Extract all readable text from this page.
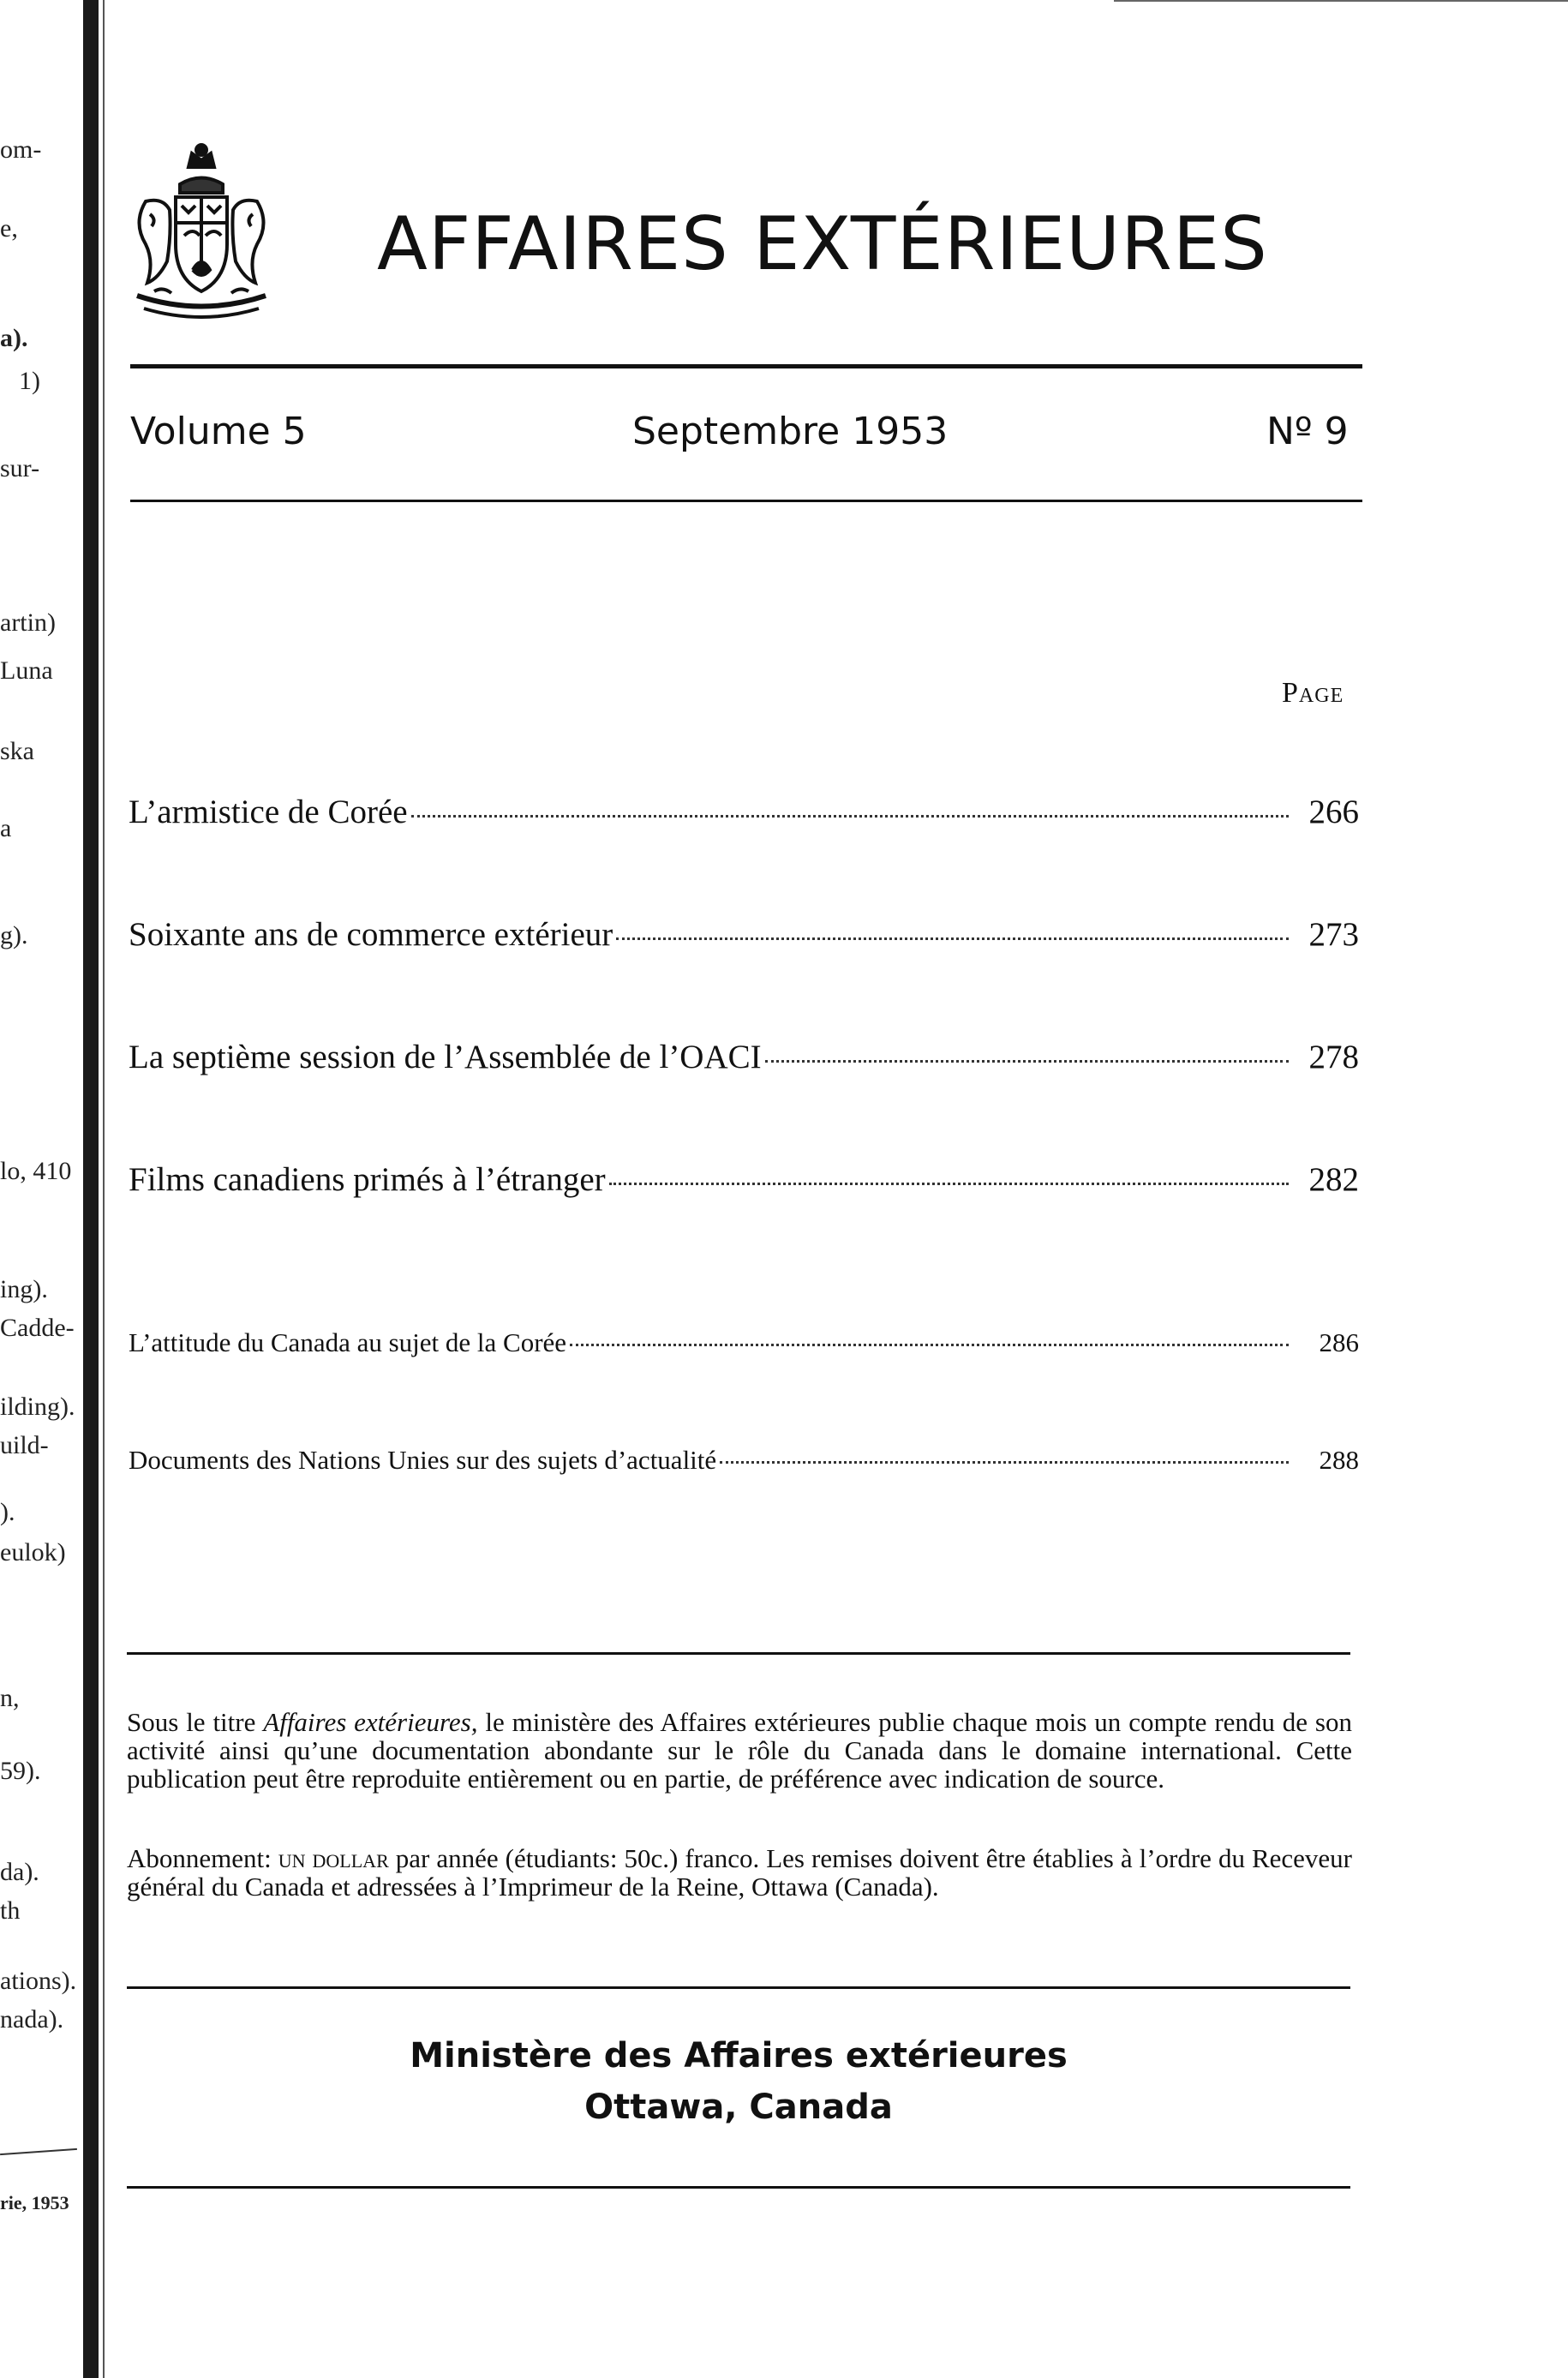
om-
e,
a).
1)
sur-
artin)
Luna
ska
a
g).
lo, 410
ing).
Cadde-
ilding).
uild-
).
eulok)
n,
59).
da).
th
ations).
nada).
rie, 1953
AFFAIRES EXTÉRIEURES
Volume 5	Septembre 1953	Nº 9
Page
L’armistice de Corée	266
Soixante ans de commerce extérieur	273
La septième session de l’Assemblée de l’OACI	278
Films canadiens primés à l’étranger	282
L’attitude du Canada au sujet de la Corée	286
Documents des Nations Unies sur des sujets d’actualité	288

Sous le titre Affaires extérieures, le ministère des Affaires extérieures publie chaque mois un compte rendu de son activité ainsi qu’une documentation abondante sur le rôle du Canada dans le domaine international. Cette publication peut être reproduite entièrement ou en partie, de préférence avec indication de source.

Abonnement: un dollar par année (étudiants: 50c.) franco. Les remises doivent être établies à l’ordre du Receveur général du Canada et adressées à l’Imprimeur de la Reine, Ottawa (Canada).

Ministère des Affaires extérieures
Ottawa, Canada
